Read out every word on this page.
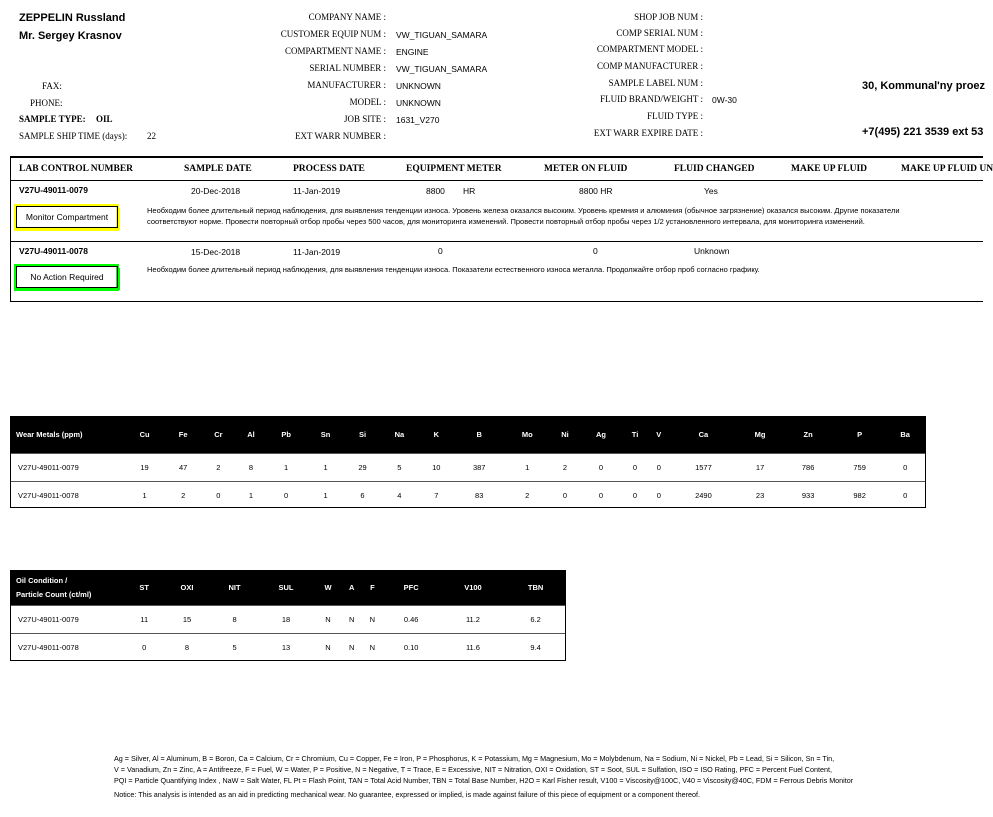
ZEPPELIN Russland
Mr. Sergey Krasnov
FAX:
PHONE:
SAMPLE TYPE: OIL
SAMPLE SHIP TIME (days): 22
COMPANY NAME :
CUSTOMER EQUIP NUM : VW_TIGUAN_SAMARA
COMPARTMENT NAME : ENGINE
SERIAL NUMBER : VW_TIGUAN_SAMARA
MANUFACTURER : UNKNOWN
MODEL : UNKNOWN
JOB SITE : 1631_V270
EXT WARR NUMBER :
SHOP JOB NUM :
COMP SERIAL NUM :
COMPARTMENT MODEL :
COMP MANUFACTURER :
SAMPLE LABEL NUM :
FLUID BRAND/WEIGHT : 0W-30
FLUID TYPE :
EXT WARR EXPIRE DATE :
30, Kommunal'ny proez
+7(495) 221 3539 ext 53
LAB CONTROL NUMBER	SAMPLE DATE	PROCESS DATE	EQUIPMENT METER	METER ON FLUID	FLUID CHANGED	MAKE UP FLUID	MAKE UP FLUID UN
V27U-49011-0079	20-Dec-2018	11-Jan-2019	8800 HR	8800 HR	Yes
Monitor Compartment
Необходим более длительный период наблюдения, для выявления тенденции износа. Уровень железа оказался высоким. Уровень кремния и алюминия (обычное загрязнение) оказался высоким. Другие показатели
соответствуют норме. Провести повторный отбор пробы через 500 часов, для мониторинга изменений. Провести повторный отбор пробы через 1/2 установленного интервала, для мониторинга изменений.
V27U-49011-0078	15-Dec-2018	11-Jan-2019	0	0	Unknown
No Action Required
Необходим более длительный период наблюдения, для выявления тенденции износа. Показатели естественного износа металла. Продолжайте отбор проб согласно графику.
Wear Metals (ppm)	Cu	Fe	Cr	Al	Pb	Sn	Si	Na	K	B	Mo	Ni	Ag	Ti	V	Ca	Mg	Zn	P	Ba
V27U-49011-0079	19	47	2	8	1	1	29	5	10	387	1	2	0	0	0	1577	17	786	759	0
V27U-49011-0078	1	2	0	1	0	1	6	4	7	83	2	0	0	0	0	2490	23	933	982	0
Oil Condition /
Particle Count (ct/ml)	ST	OXI	NIT	SUL	W	A	F	PFC	V100	TBN
V27U-49011-0079	11	15	8	18	N	N	N	0.46	11.2	6.2
V27U-49011-0078	0	8	5	13	N	N	N	0.10	11.6	9.4
Ag = Silver, Al = Aluminum, B = Boron, Ca = Calcium, Cr = Chromium, Cu = Copper, Fe = Iron, P = Phosphorus, K = Potassium, Mg = Magnesium, Mo = Molybdenum, Na = Sodium, Ni = Nickel, Pb = Lead, Si = Silicon, Sn = Tin,
V = Vanadium, Zn = Zinc, A = Antifreeze, F = Fuel, W = Water, P = Positive, N = Negative, T = Trace, E = Excessive, NIT = Nitration, OXI = Oxidation, ST = Soot, SUL = Sulfation, ISO = ISO Rating, PFC = Percent Fuel Content,
PQI = Particle Quantifying Index , NaW = Salt Water, FL Pt = Flash Point, TAN = Total Acid Number, TBN = Total Base Number, H2O = Karl Fisher result, V100 = Viscosity@100C, V40 = Viscosity@40C, FDM = Ferrous Debris Monitor
Notice: This analysis is intended as an aid in predicting mechanical wear. No guarantee, expressed or implied, is made against failure of this piece of equipment or a component thereof.
